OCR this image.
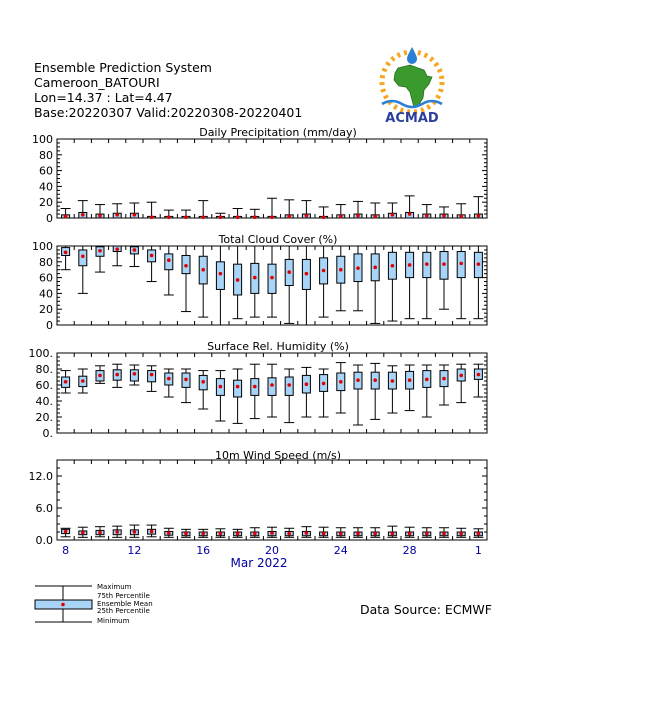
Ensemble Prediction System
Cameroon_BATOURI
Lon=14.37 : Lat=4.47
Base:20220307 Valid:20220308-20220401	ACMAD
Daily Precipitation (mm/day)
0
20
40
60
80
100
Total Cloud Cover (%)
0
20
40
60
80
100
Surface Rel. Humidity (%)
0.
20.
40.
60.
80.
100.
10m Wind Speed (m/s)
0.0
6.0
12.0
8	12	16	20	24	28	1
Mar 2022
Maximum
75th Percentile
Ensemble Mean
25th Percentile
Minimum
Data Source: ECMWF
